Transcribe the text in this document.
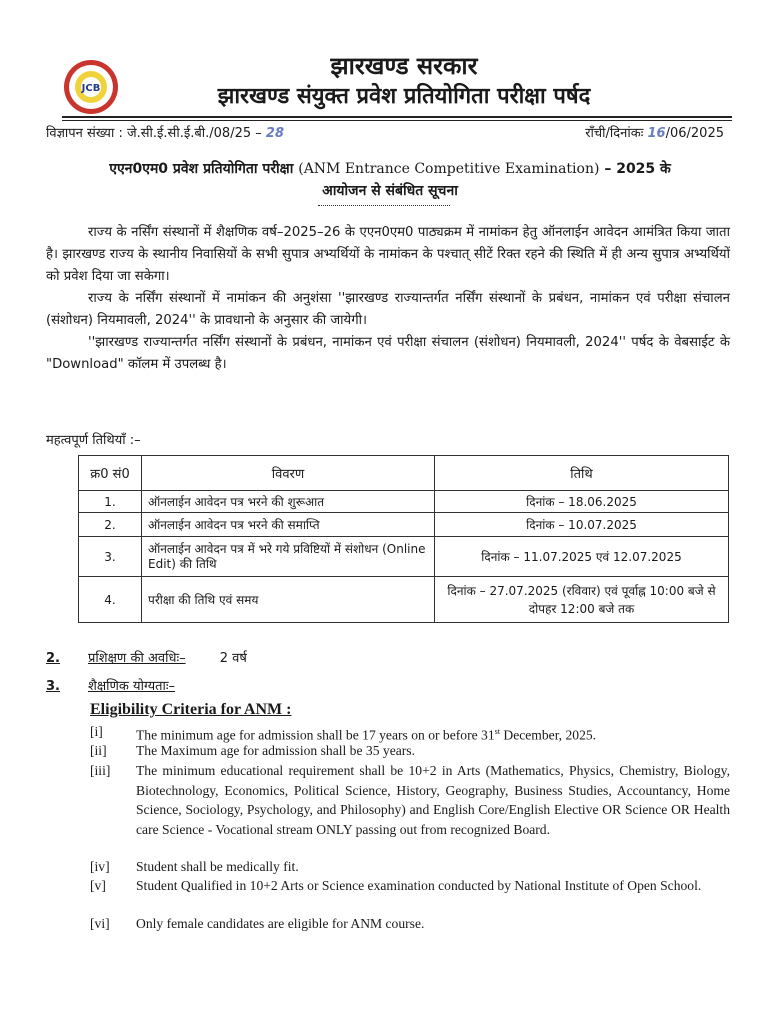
JCB
झारखण्ड सरकार
झारखण्ड संयुक्त प्रवेश प्रतियोगिता परीक्षा पर्षद
विज्ञापन संख्या : जे.सी.ई.सी.ई.बी./08/25 – 28	रॉंची/दिनांकः 16/06/2025
एएन0एम0 प्रवेश प्रतियोगिता परीक्षा (ANM Entrance Competitive Examination) – 2025 के
आयोजन से संबंधित सूचना

राज्य के नर्सिंग संस्थानों में शैक्षणिक वर्ष–2025–26 के एएन0एम0 पाठ्यक्रम में नामांकन हेतु ऑनलाईन आवेदन आमंत्रित किया जाता है। झारखण्ड राज्य के स्थानीय निवासियों के सभी सुपात्र अभ्यर्थियों के नामांकन के पश्चात् सीटें रिक्त रहने की स्थिति में ही अन्य सुपात्र अभ्यर्थियों को प्रवेश दिया जा सकेगा।

राज्य के नर्सिंग संस्थानों में नामांकन की अनुशंसा ''झारखण्ड राज्यान्तर्गत नर्सिंग संस्थानों के प्रबंधन, नामांकन एवं परीक्षा संचालन (संशोधन) नियमावली, 2024'' के प्रावधानो के अनुसार की जायेगी।

''झारखण्ड राज्यान्तर्गत नर्सिंग संस्थानों के प्रबंधन, नामांकन एवं परीक्षा संचालन (संशोधन) नियमावली, 2024'' पर्षद के वेबसाईट के "Download" कॉलम में उपलब्ध है।

महत्वपूर्ण तिथियॉं :–
क्र0 सं0	विवरण	तिथि
1.	ऑनलाईन आवेदन पत्र भरने की शुरूआत	दिनांक – 18.06.2025
2.	ऑनलाईन आवेदन पत्र भरने की समाप्ति	दिनांक – 10.07.2025
3.	ऑनलाईन आवेदन पत्र में भरे गये प्रविष्टियों में संशोधन (Online Edit) की तिथि	दिनांक – 11.07.2025 एवं 12.07.2025
4.	परीक्षा की तिथि एवं समय	दिनांक – 27.07.2025 (रविवार) एवं पूर्वाह्न 10:00 बजे से दोपहर 12:00 बजे तक
2. प्रशिक्षण की अवधिः–	2 वर्ष
3. शैक्षणिक योग्यताः–
Eligibility Criteria for ANM :
[i] The minimum age for admission shall be 17 years on or before 31st December, 2025.
[ii] The Maximum age for admission shall be 35 years.
[iii] The minimum educational requirement shall be 10+2 in Arts (Mathematics, Physics, Chemistry, Biology, Biotechnology, Economics, Political Science, History, Geography, Business Studies, Accountancy, Home Science, Sociology, Psychology, and Philosophy) and English Core/English Elective OR Science OR Health care Science - Vocational stream ONLY passing out from recognized Board.
[iv] Student shall be medically fit.
[v] Student Qualified in 10+2 Arts or Science examination conducted by National Institute of Open School.
[vi] Only female candidates are eligible for ANM course.
